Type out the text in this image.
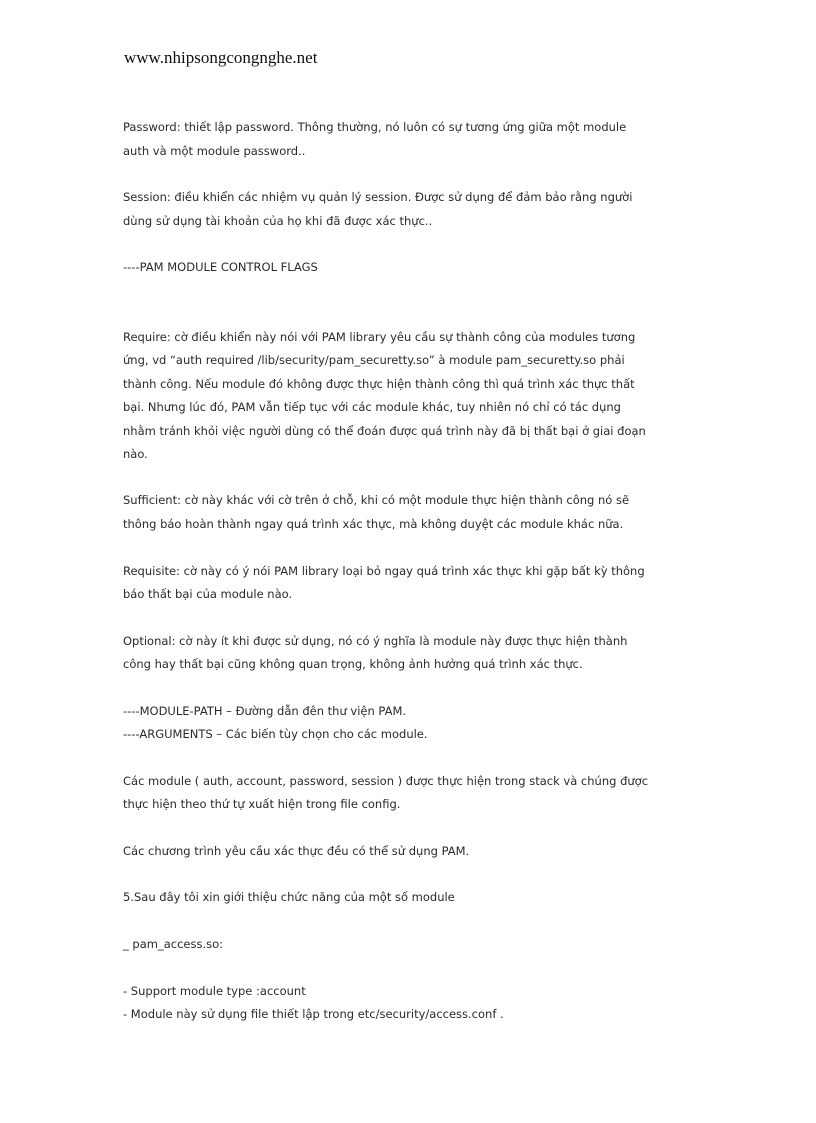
www.nhipsongcongnghe.net
Password: thiết lập password. Thông thường, nó luôn có sự tương ứng giữa một module
auth và một module password..
Session: điều khiển các nhiệm vụ quản lý session. Được sử dụng để đảm bảo rằng người
dùng sử dụng tài khoản của họ khi đã được xác thực..
----PAM MODULE CONTROL FLAGS
Require: cờ điều khiển này nói với PAM library yêu cầu sự thành công của modules tương
ứng, vd “auth required /lib/security/pam_securetty.so” à module pam_securetty.so phải
thành công. Nếu module đó không được thực hiện thành công thì quá trình xác thực thất
bại. Nhưng lúc đó, PAM vẫn tiếp tục với các module khác, tuy nhiên nó chỉ có tác dụng
nhằm tránh khỏi việc người dùng có thể đoán được quá trình này đã bị thất bại ở giai đoạn
nào.
Sufficient: cờ này khác với cờ trên ở chỗ, khi có một module thực hiện thành công nó sẽ
thông báo hoàn thành ngay quá trình xác thực, mà không duyệt các module khác nữa.
Requisite: cờ này có ý nói PAM library loại bỏ ngay quá trình xác thực khi gặp bất kỳ thông
báo thất bại của module nào.
Optional: cờ này ít khi được sử dụng, nó có ý nghĩa là module này được thực hiện thành
công hay thất bại cũng không quan trọng, không ảnh hưởng quá trình xác thực.
----MODULE-PATH – Đường dẫn đên thư viện PAM.
----ARGUMENTS – Các biến tùy chọn cho các module.
Các module ( auth, account, password, session ) được thực hiện trong stack và chúng được
thực hiện theo thứ tự xuất hiện trong file config.
Các chương trình yêu cầu xác thực đều có thể sử dụng PAM.
5.Sau đây tôi xin giới thiệu chức năng của một số module
_ pam_access.so:
- Support module type :account
- Module này sử dụng file thiết lập trong etc/security/access.conf .
